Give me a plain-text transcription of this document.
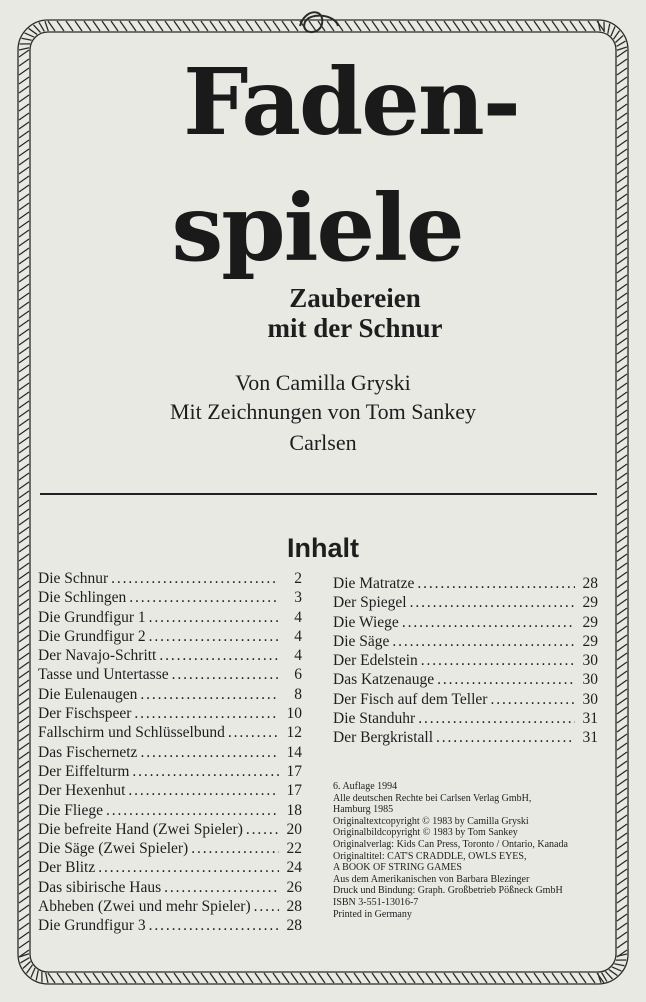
Faden-
spiele
Zaubereien
mit der Schnur
Von Camilla Gryski
Mit Zeichnungen von Tom Sankey
Carlsen
Inhalt
Die Schnur . . .	2
Die Schlingen . . .	3
Die Grundfigur 1 . . .	4
Die Grundfigur 2 . . .	4
Der Navajo-Schritt . . .	4
Tasse und Untertasse . . .	6
Die Eulenaugen . . .	8
Der Fischspeer . . .	10
Fallschirm und Schlüsselbund . . .	12
Das Fischernetz . . .	14
Der Eiffelturm . . .	17
Der Hexenhut . . .	17
Die Fliege . . .	18
Die befreite Hand (Zwei Spieler) . . .	20
Die Säge (Zwei Spieler) . . .	22
Der Blitz . . .	24
Das sibirische Haus . . .	26
Abheben (Zwei und mehr Spieler) . . . 28
Die Grundfigur 3 . . .	28
Die Matratze . . .	28
Der Spiegel . . .	29
Die Wiege . . .	29
Die Säge . . .	29
Der Edelstein . . .	30
Das Katzenauge . . .	30
Der Fisch auf dem Teller . . .	30
Die Standuhr . . .	31
Der Bergkristall . . .	31
6. Auflage 1994
Alle deutschen Rechte bei Carlsen Verlag GmbH,
Hamburg 1985
Originaltextcopyright © 1983 by Camilla Gryski
Originalbildcopyright © 1983 by Tom Sankey
Originalverlag: Kids Can Press, Toronto / Ontario, Kanada
Originaltitel: CAT'S CRADDLE, OWLS EYES,
A BOOK OF STRING GAMES
Aus dem Amerikanischen von Barbara Blezinger
Druck und Bindung: Graph. Großbetrieb Pößneck GmbH
ISBN 3-551-13016-7
Printed in Germany
